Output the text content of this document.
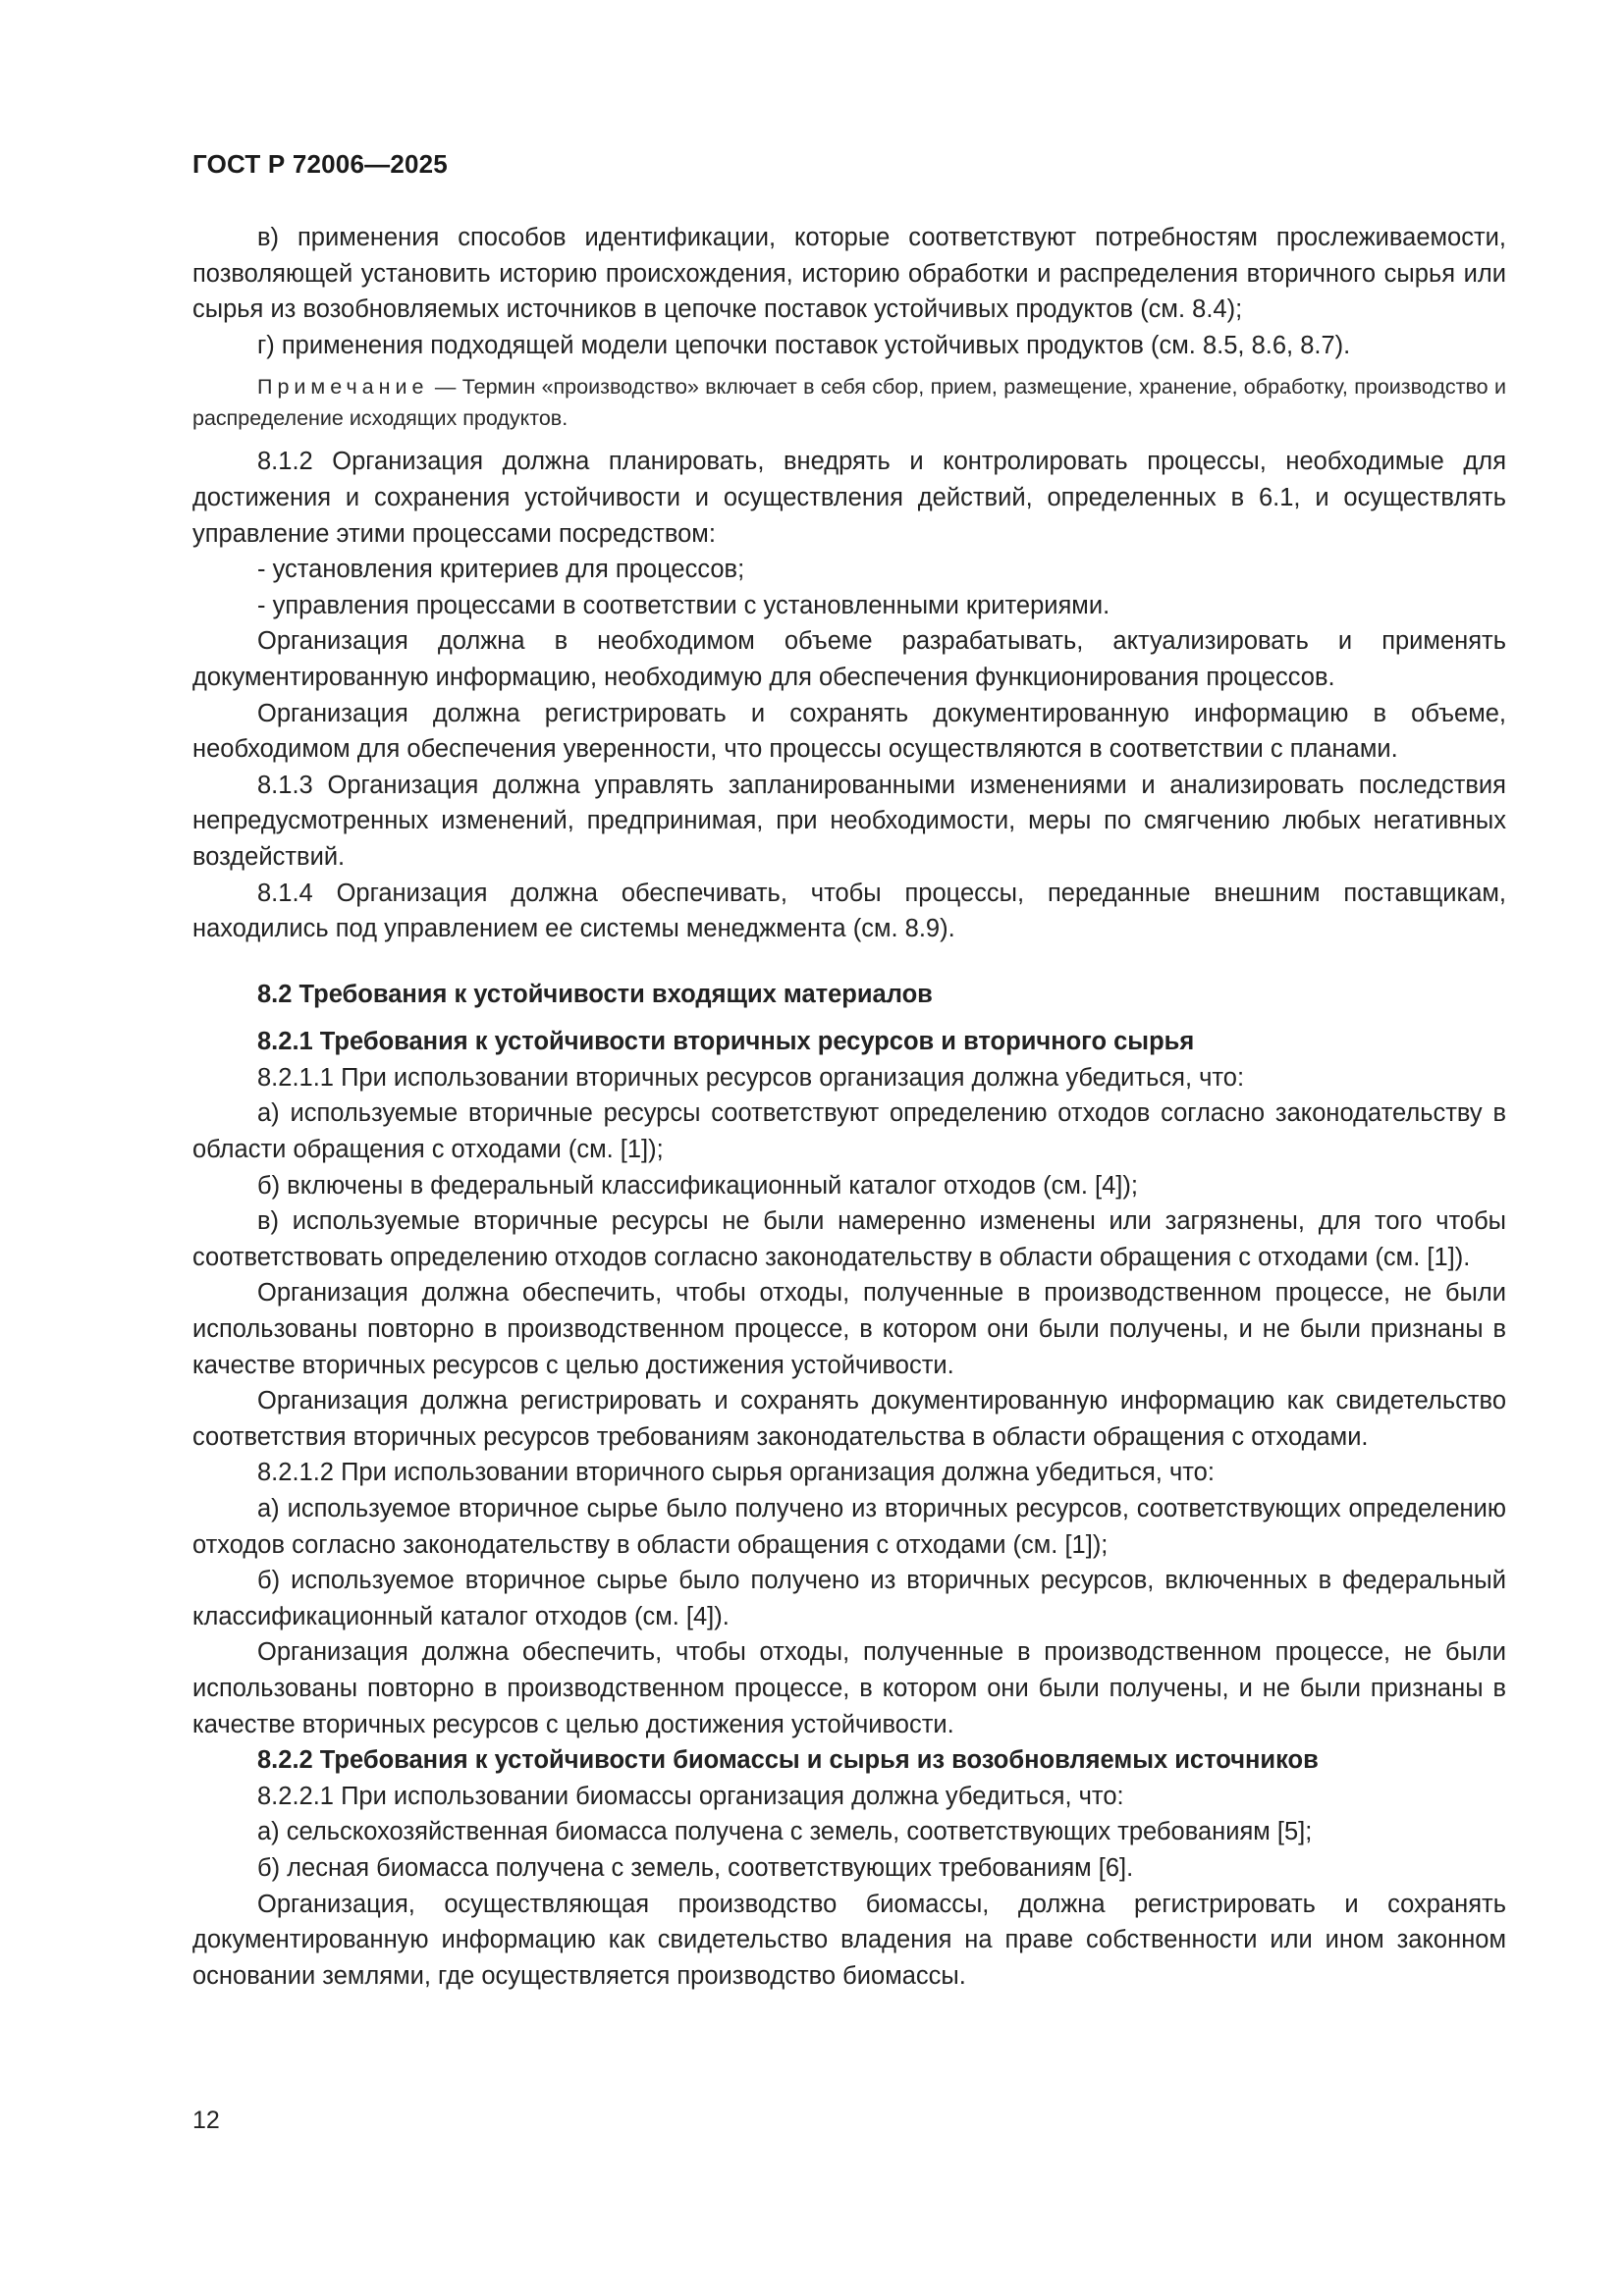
ГОСТ Р 72006—2025

в) применения способов идентификации, которые соответствуют потребностям прослеживаемости, позволяющей установить историю происхождения, историю обработки и распределения вторичного сырья или сырья из возобновляемых источников в цепочке поставок устойчивых продуктов (см. 8.4);

г) применения подходящей модели цепочки поставок устойчивых продуктов (см. 8.5, 8.6, 8.7).

Примечание — Термин «производство» включает в себя сбор, прием, размещение, хранение, обработку, производство и распределение исходящих продуктов.

8.1.2 Организация должна планировать, внедрять и контролировать процессы, необходимые для достижения и сохранения устойчивости и осуществления действий, определенных в 6.1, и осуществлять управление этими процессами посредством:

- установления критериев для процессов;

- управления процессами в соответствии с установленными критериями.

Организация должна в необходимом объеме разрабатывать, актуализировать и применять документированную информацию, необходимую для обеспечения функционирования процессов.

Организация должна регистрировать и сохранять документированную информацию в объеме, необходимом для обеспечения уверенности, что процессы осуществляются в соответствии с планами.

8.1.3 Организация должна управлять запланированными изменениями и анализировать последствия непредусмотренных изменений, предпринимая, при необходимости, меры по смягчению любых негативных воздействий.

8.1.4 Организация должна обеспечивать, чтобы процессы, переданные внешним поставщикам, находились под управлением ее системы менеджмента (см. 8.9).

8.2 Требования к устойчивости входящих материалов

8.2.1 Требования к устойчивости вторичных ресурсов и вторичного сырья

8.2.1.1 При использовании вторичных ресурсов организация должна убедиться, что:

а) используемые вторичные ресурсы соответствуют определению отходов согласно законодательству в области обращения с отходами (см. [1]);

б) включены в федеральный классификационный каталог отходов (см. [4]);

в) используемые вторичные ресурсы не были намеренно изменены или загрязнены, для того чтобы соответствовать определению отходов согласно законодательству в области обращения с отходами (см. [1]).

Организация должна обеспечить, чтобы отходы, полученные в производственном процессе, не были использованы повторно в производственном процессе, в котором они были получены, и не были признаны в качестве вторичных ресурсов с целью достижения устойчивости.

Организация должна регистрировать и сохранять документированную информацию как свидетельство соответствия вторичных ресурсов требованиям законодательства в области обращения с отходами.

8.2.1.2 При использовании вторичного сырья организация должна убедиться, что:

а) используемое вторичное сырье было получено из вторичных ресурсов, соответствующих определению отходов согласно законодательству в области обращения с отходами (см. [1]);

б) используемое вторичное сырье было получено из вторичных ресурсов, включенных в федеральный классификационный каталог отходов (см. [4]).

Организация должна обеспечить, чтобы отходы, полученные в производственном процессе, не были использованы повторно в производственном процессе, в котором они были получены, и не были признаны в качестве вторичных ресурсов с целью достижения устойчивости.

8.2.2 Требования к устойчивости биомассы и сырья из возобновляемых источников

8.2.2.1 При использовании биомассы организация должна убедиться, что:

а) сельскохозяйственная биомасса получена с земель, соответствующих требованиям [5];

б) лесная биомасса получена с земель, соответствующих требованиям [6].

Организация, осуществляющая производство биомассы, должна регистрировать и сохранять документированную информацию как свидетельство владения на праве собственности или ином законном основании землями, где осуществляется производство биомассы.

12
